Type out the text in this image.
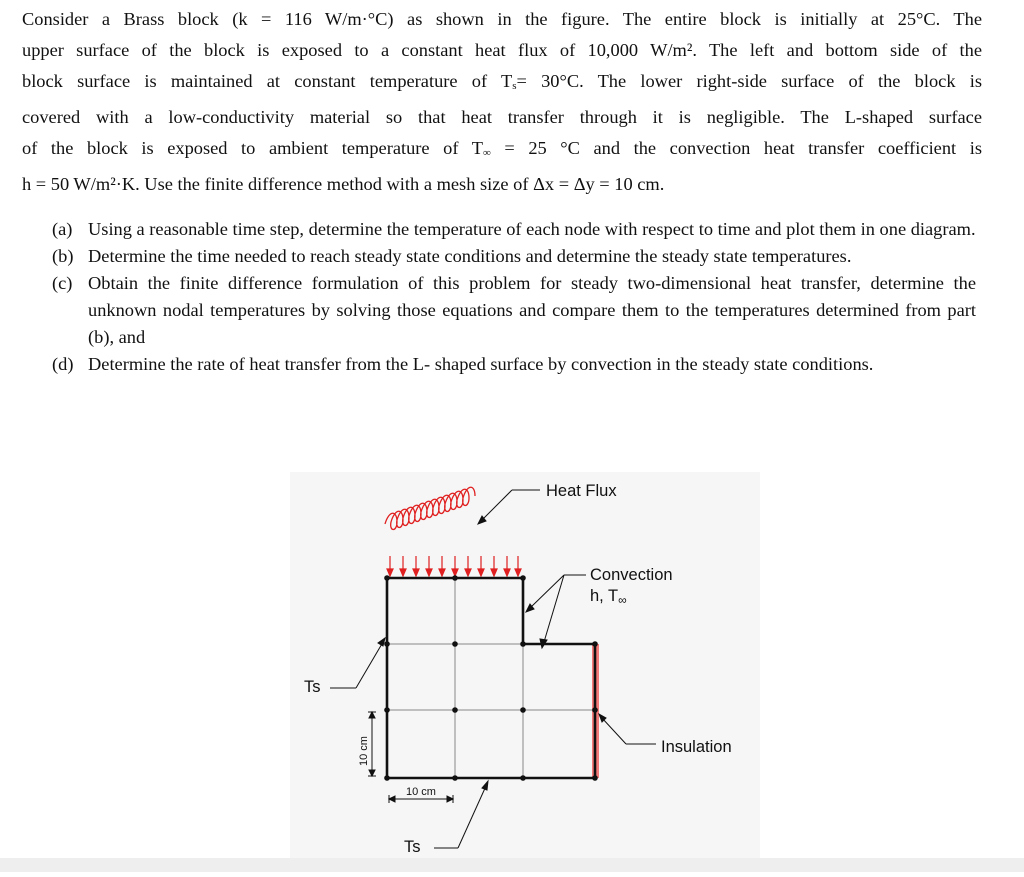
Consider a Brass block (k = 116 W/m·°C) as shown in the figure. The entire block is initially at 25°C. The
upper surface of the block is exposed to a constant heat flux of 10,000 W/m². The left and bottom side of the
block surface is maintained at constant temperature of $T_s= 30^\circ C$. The lower right-side surface of the block is
covered with a low-conductivity material so that heat transfer through it is negligible. The L-shaped surface
of the block is exposed to ambient temperature of $T_\infty = 25$ °C and the convection heat transfer coefficient is
h = 50 W/m²·K. Use the finite difference method with a mesh size of Δx = Δy = 10 cm.
(a) Using a reasonable time step, determine the temperature of each node with respect to time and plot them in one diagram.
(b) Determine the time needed to reach steady state conditions and determine the steady state temperatures.
(c) Obtain the finite difference formulation of this problem for steady two-dimensional heat transfer, determine the unknown nodal temperatures by solving those equations and compare them to the temperatures determined from part (b), and
(d) Determine the rate of heat transfer from the L- shaped surface by convection in the steady state conditions.
Heat Flux
Convection
h, T∞
Insulation
Ts
Ts
10 cm
10 cm
